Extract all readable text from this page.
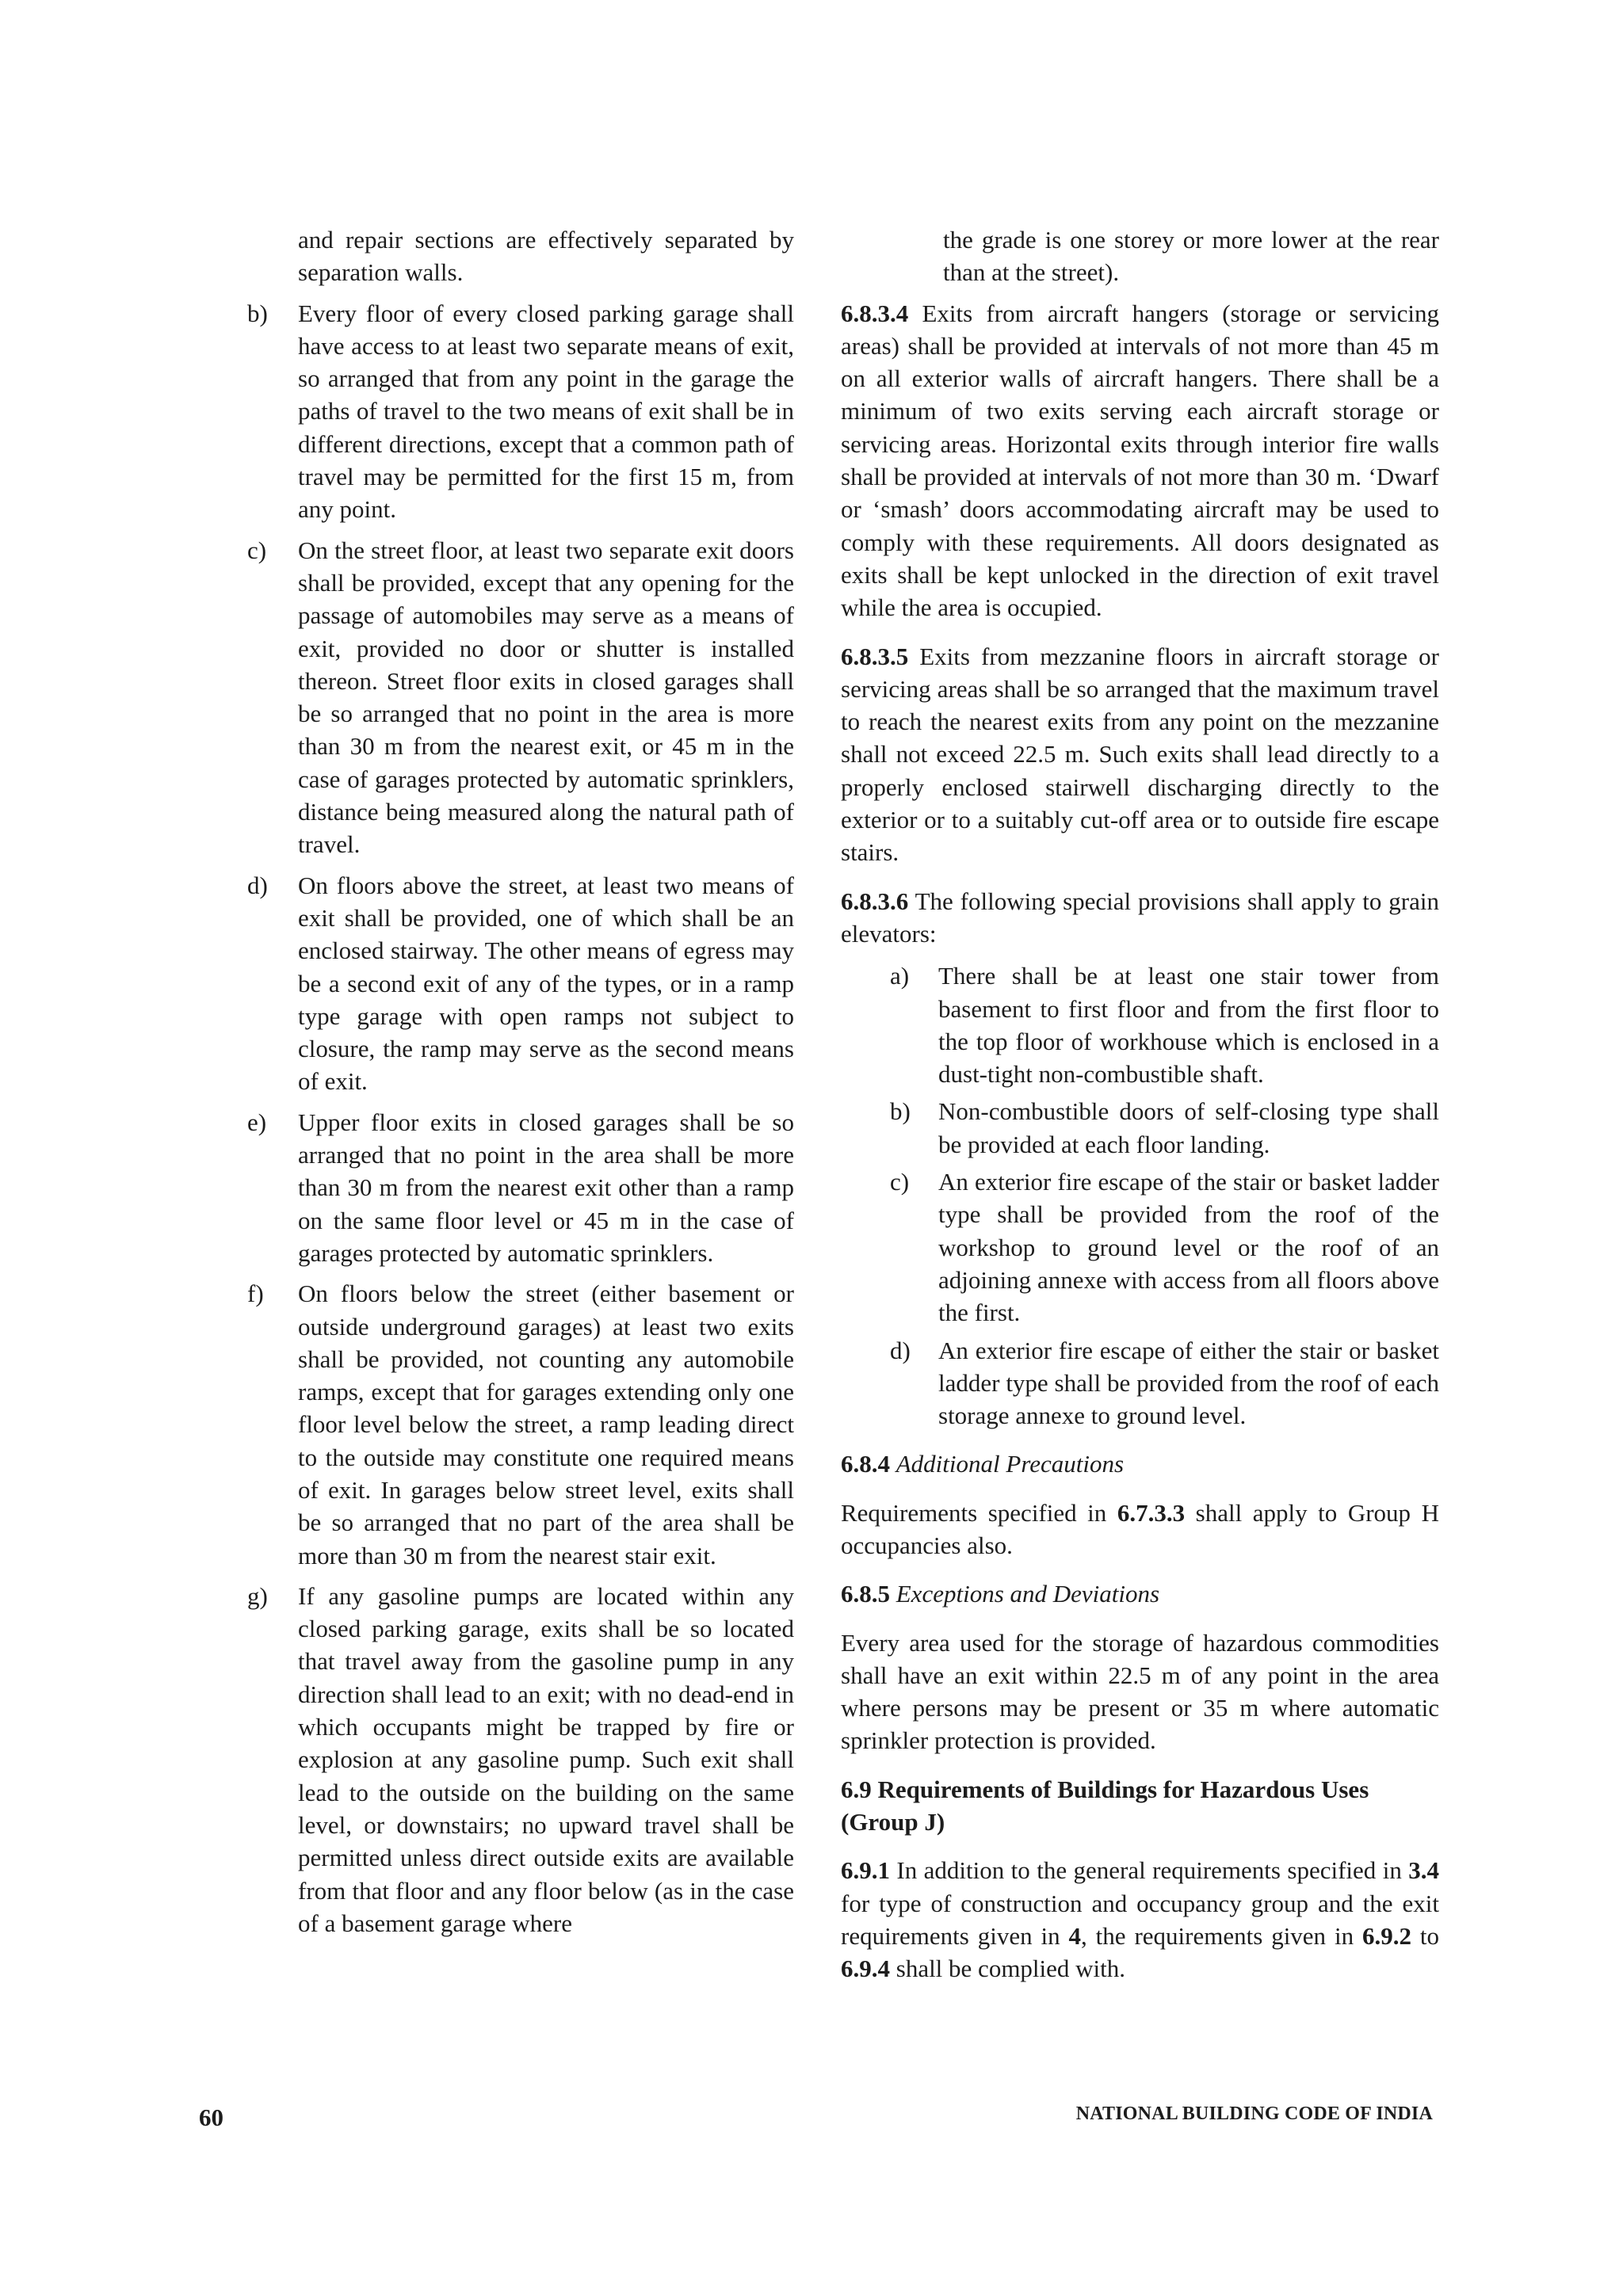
and repair sections are effectively separated by separation walls.
b)	Every floor of every closed parking garage shall have access to at least two separate means of exit, so arranged that from any point in the garage the paths of travel to the two means of exit shall be in different directions, except that a common path of travel may be permitted for the first 15 m, from any point.
c)	On the street floor, at least two separate exit doors shall be provided, except that any opening for the passage of automobiles may serve as a means of exit, provided no door or shutter is installed thereon. Street floor exits in closed garages shall be so arranged that no point in the area is more than 30 m from the nearest exit, or 45 m in the case of garages protected by automatic sprinklers, distance being measured along the natural path of travel.
d)	On floors above the street, at least two means of exit shall be provided, one of which shall be an enclosed stairway. The other means of egress may be a second exit of any of the types, or in a ramp type garage with open ramps not subject to closure, the ramp may serve as the second means of exit.
e)	Upper floor exits in closed garages shall be so arranged that no point in the area shall be more than 30 m from the nearest exit other than a ramp on the same floor level or 45 m in the case of garages protected by automatic sprinklers.
f)	On floors below the street (either basement or outside underground garages) at least two exits shall be provided, not counting any automobile ramps, except that for garages extending only one floor level below the street, a ramp leading direct to the outside may constitute one required means of exit. In garages below street level, exits shall be so arranged that no part of the area shall be more than 30 m from the nearest stair exit.
g)	If any gasoline pumps are located within any closed parking garage, exits shall be so located that travel away from the gasoline pump in any direction shall lead to an exit; with no dead-end in which occupants might be trapped by fire or explosion at any gasoline pump. Such exit shall lead to the outside on the building on the same level, or downstairs; no upward travel shall be permitted unless direct outside exits are available from that floor and any floor below (as in the case of a basement garage where
the grade is one storey or more lower at the rear than at the street).
6.8.3.4 Exits from aircraft hangers (storage or servicing areas) shall be provided at intervals of not more than 45 m on all exterior walls of aircraft hangers. There shall be a minimum of two exits serving each aircraft storage or servicing areas. Horizontal exits through interior fire walls shall be provided at intervals of not more than 30 m. ‘Dwarf or ‘smash’ doors accommodating aircraft may be used to comply with these requirements. All doors designated as exits shall be kept unlocked in the direction of exit travel while the area is occupied.
6.8.3.5 Exits from mezzanine floors in aircraft storage or servicing areas shall be so arranged that the maximum travel to reach the nearest exits from any point on the mezzanine shall not exceed 22.5 m. Such exits shall lead directly to a properly enclosed stairwell discharging directly to the exterior or to a suitably cut-off area or to outside fire escape stairs.
6.8.3.6 The following special provisions shall apply to grain elevators:
a)	There shall be at least one stair tower from basement to first floor and from the first floor to the top floor of workhouse which is enclosed in a dust-tight non-combustible shaft.
b)	Non-combustible doors of self-closing type shall be provided at each floor landing.
c)	An exterior fire escape of the stair or basket ladder type shall be provided from the roof of the workshop to ground level or the roof of an adjoining annexe with access from all floors above the first.
d)	An exterior fire escape of either the stair or basket ladder type shall be provided from the roof of each storage annexe to ground level.
6.8.4 Additional Precautions
Requirements specified in 6.7.3.3 shall apply to Group H occupancies also.
6.8.5 Exceptions and Deviations
Every area used for the storage of hazardous commodities shall have an exit within 22.5 m of any point in the area where persons may be present or 35 m where automatic sprinkler protection is provided.
6.9 Requirements of Buildings for Hazardous Uses (Group J)
6.9.1 In addition to the general requirements specified in 3.4 for type of construction and occupancy group and the exit requirements given in 4, the requirements given in 6.9.2 to 6.9.4 shall be complied with.
60	NATIONAL BUILDING CODE OF INDIA
